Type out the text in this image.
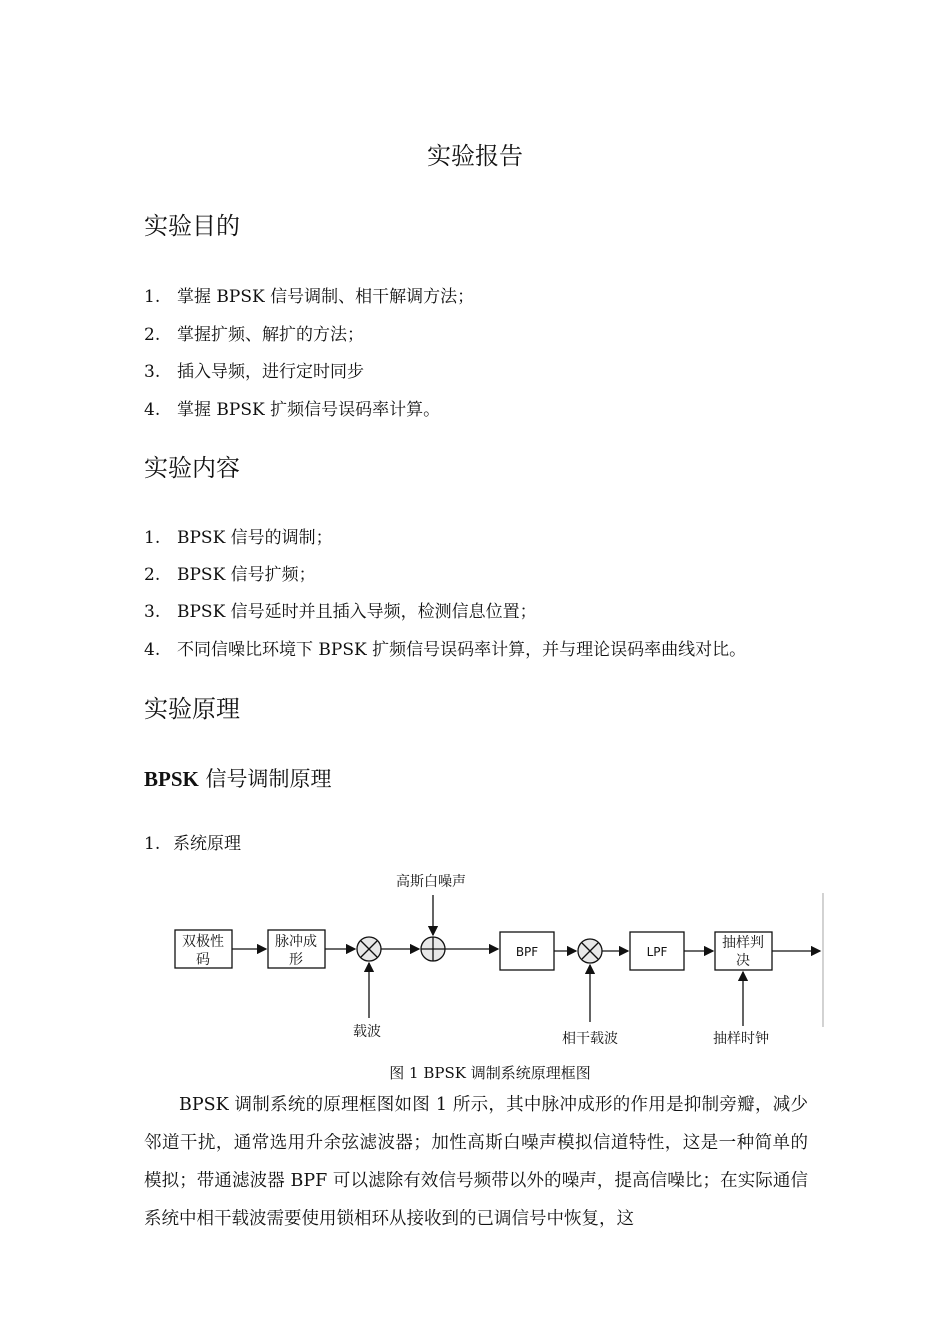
实验报告
实验目的
1. 掌握 BPSK 信号调制、相干解调方法；
2. 掌握扩频、解扩的方法；
3. 插入导频，进行定时同步
4. 掌握 BPSK 扩频信号误码率计算。
实验内容
1. BPSK 信号的调制；
2. BPSK 信号扩频；
3. BPSK 信号延时并且插入导频，检测信息位置；
4. 不同信噪比环境下 BPSK 扩频信号误码率计算，并与理论误码率曲线对比。
实验原理
BPSK 信号调制原理
1. 系统原理
高斯白噪声
双极性
码
脉冲成
形	BPF	LPF
抽样判
决
载波	相干载波	抽样时钟
图 1 BPSK 调制系统原理框图
BPSK 调制系统的原理框图如图 1 所示，其中脉冲成形的作用是抑制旁瓣，减少邻道干扰，通常选用升余弦滤波器；加性高斯白噪声模拟信道特性，这是一种简单的模拟；带通滤波器 BPF 可以滤除有效信号频带以外的噪声，提高信噪比；在实际通信系统中相干载波需要使用锁相环从接收到的已调信号中恢复，这
